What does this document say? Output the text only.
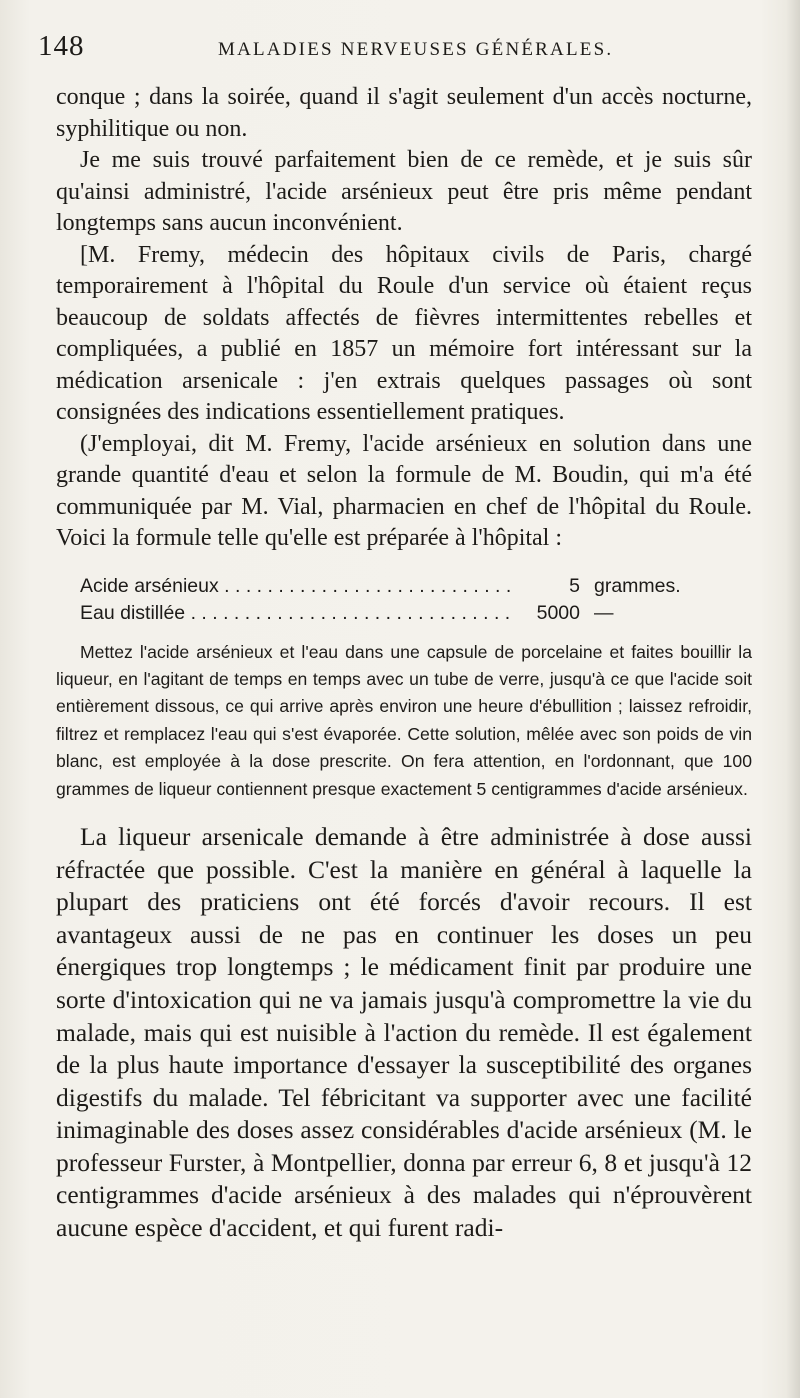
148	MALADIES NERVEUSES GÉNÉRALES.

conque ; dans la soirée, quand il s'agit seulement d'un accès nocturne, syphilitique ou non.

Je me suis trouvé parfaitement bien de ce remède, et je suis sûr qu'ainsi administré, l'acide arsénieux peut être pris même pendant longtemps sans aucun inconvénient.

[M. Fremy, médecin des hôpitaux civils de Paris, chargé temporairement à l'hôpital du Roule d'un service où étaient reçus beaucoup de soldats affectés de fièvres intermittentes rebelles et compliquées, a publié en 1857 un mémoire fort intéressant sur la médication arsenicale : j'en extrais quelques passages où sont consignées des indications essentiellement pratiques.

(J'employai, dit M. Fremy, l'acide arsénieux en solution dans une grande quantité d'eau et selon la formule de M. Boudin, qui m'a été communiquée par M. Vial, pharmacien en chef de l'hôpital du Roule. Voici la formule telle qu'elle est préparée à l'hôpital :

Acide arsénieux . . .	5 grammes.
Eau distillée . . .	5000 —

Mettez l'acide arsénieux et l'eau dans une capsule de porcelaine et faites bouillir la liqueur, en l'agitant de temps en temps avec un tube de verre, jusqu'à ce que l'acide soit entièrement dissous, ce qui arrive après environ une heure d'ébullition ; laissez refroidir, filtrez et remplacez l'eau qui s'est évaporée. Cette solution, mêlée avec son poids de vin blanc, est employée à la dose prescrite. On fera attention, en l'ordonnant, que 100 grammes de liqueur contiennent presque exactement 5 centigrammes d'acide arsénieux.

La liqueur arsenicale demande à être administrée à dose aussi réfractée que possible. C'est la manière en général à laquelle la plupart des praticiens ont été forcés d'avoir recours. Il est avantageux aussi de ne pas en continuer les doses un peu énergiques trop longtemps ; le médicament finit par produire une sorte d'intoxication qui ne va jamais jusqu'à compromettre la vie du malade, mais qui est nuisible à l'action du remède. Il est également de la plus haute importance d'essayer la susceptibilité des organes digestifs du malade. Tel fébricitant va supporter avec une facilité inimaginable des doses assez considérables d'acide arsénieux (M. le professeur Furster, à Montpellier, donna par erreur 6, 8 et jusqu'à 12 centigrammes d'acide arsénieux à des malades qui n'éprouvèrent aucune espèce d'accident, et qui furent radi-
